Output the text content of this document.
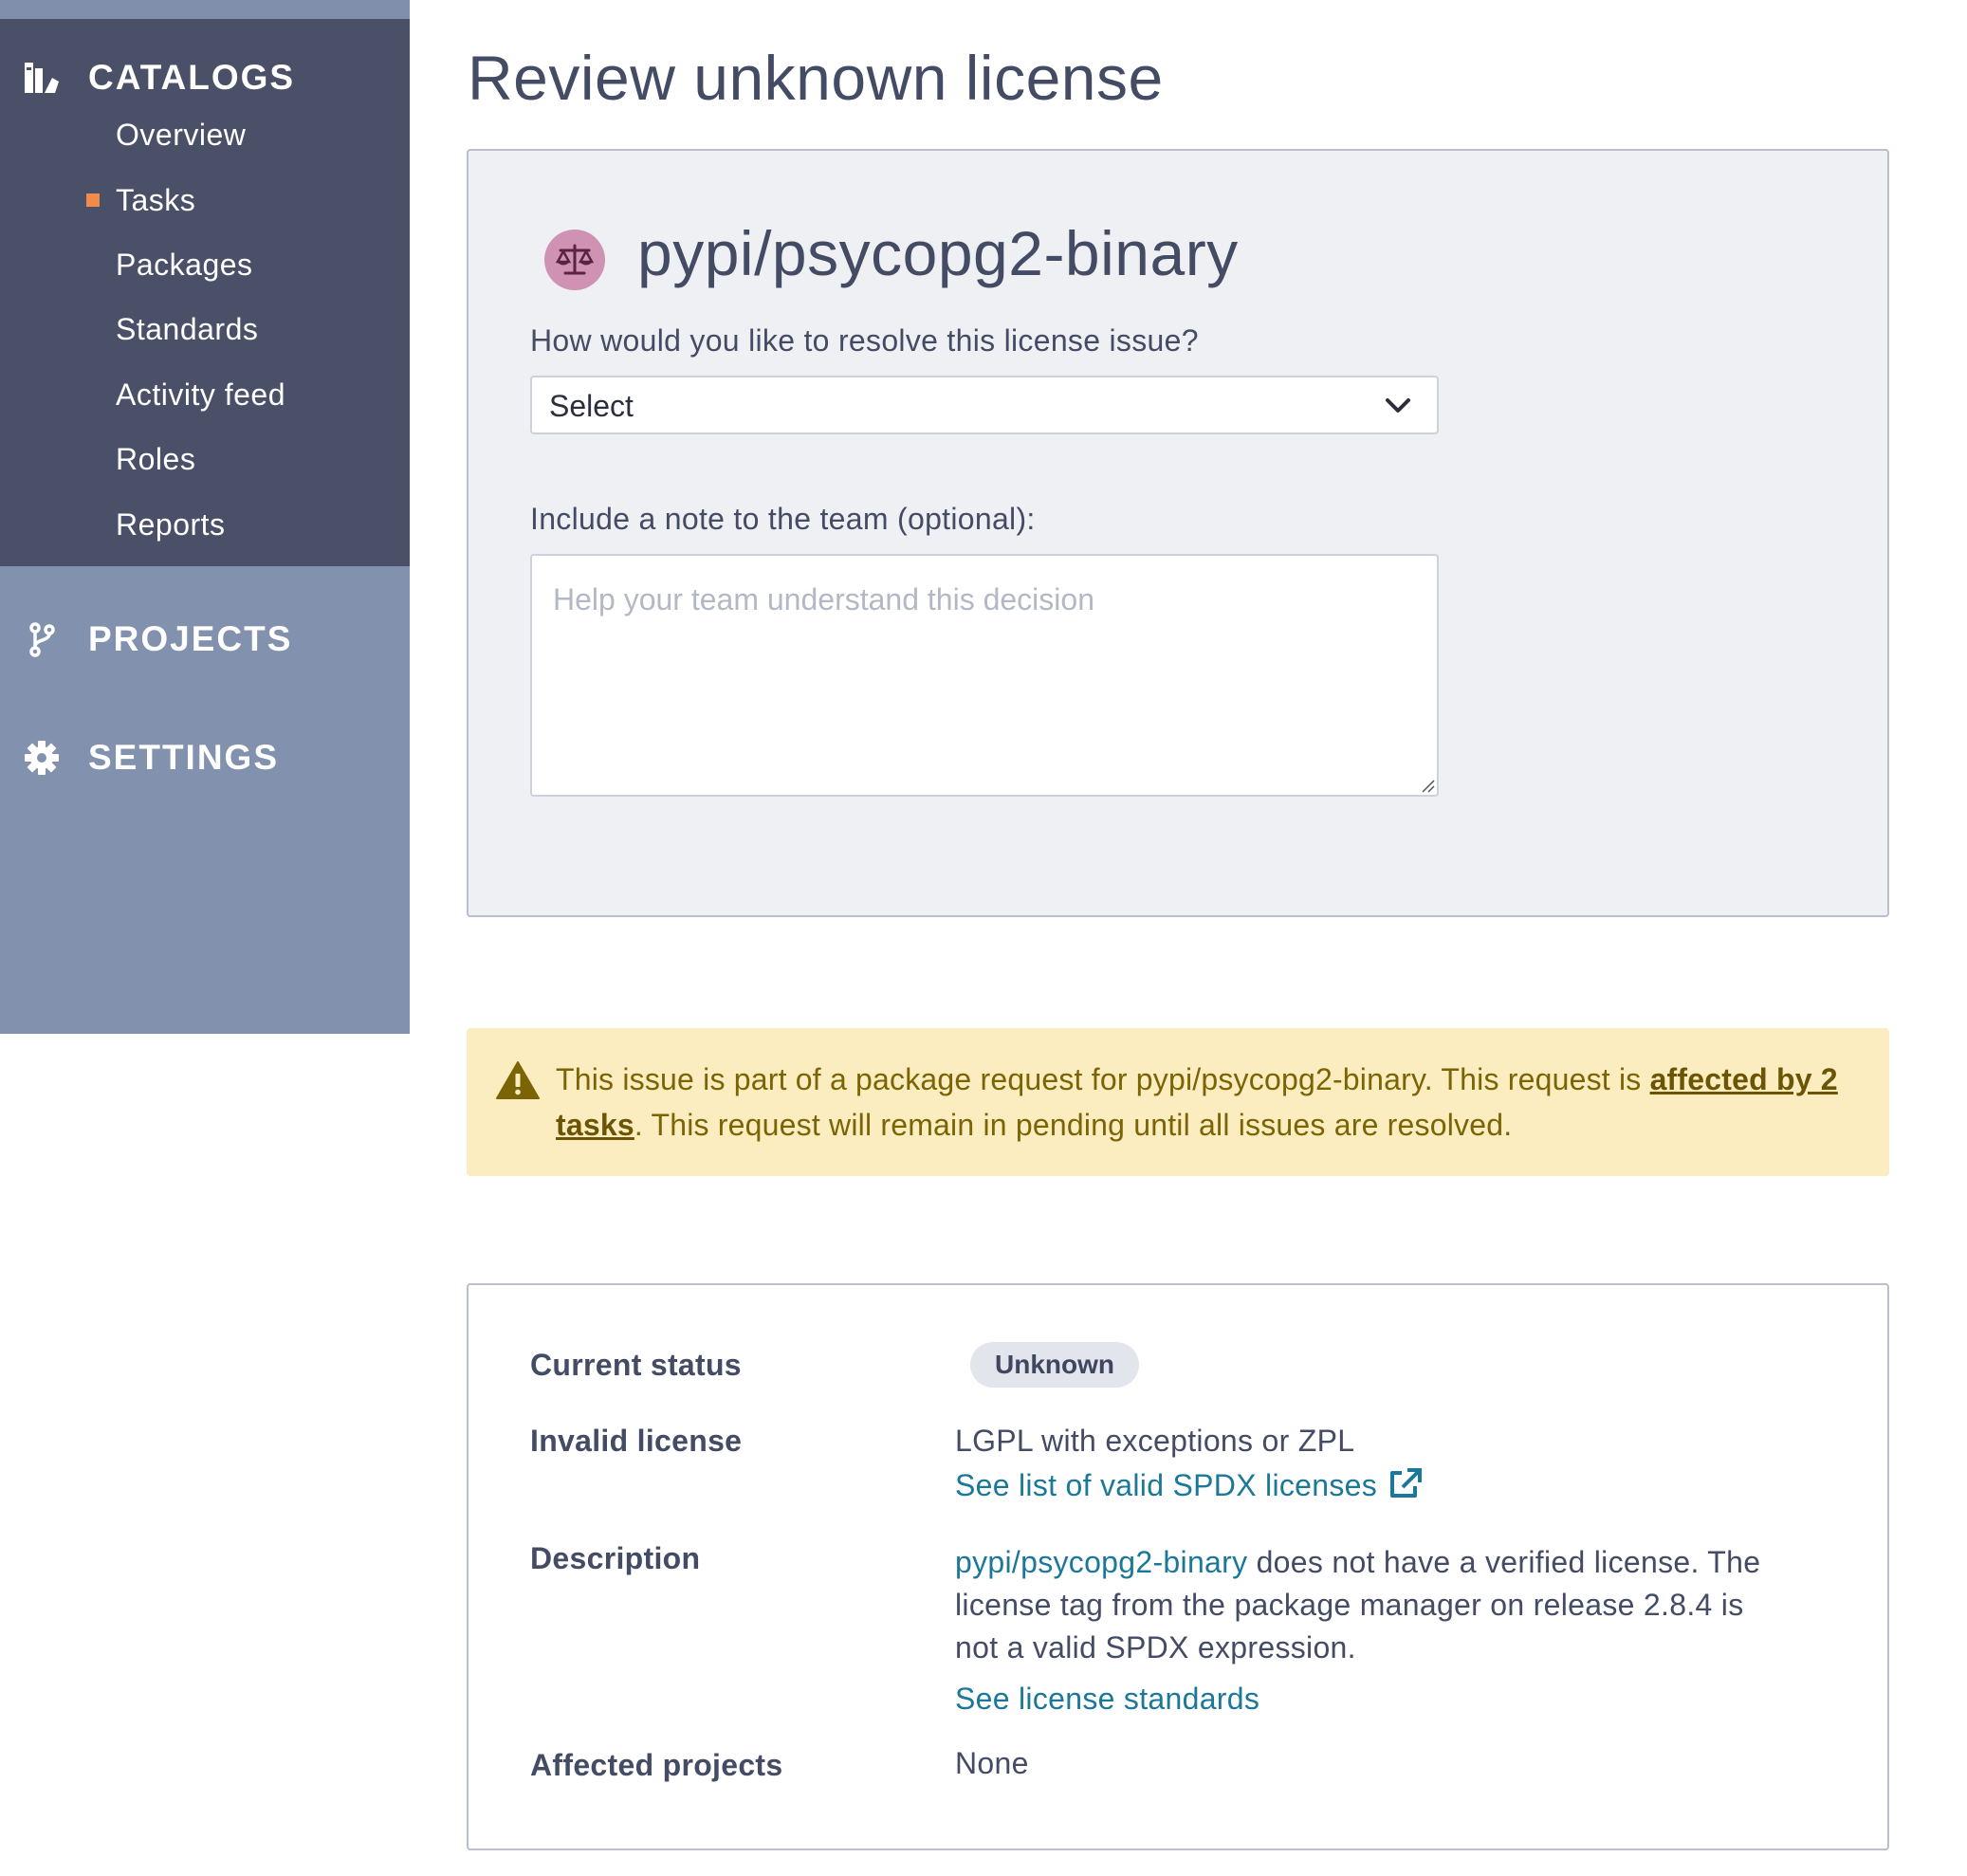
CATALOGS
Overview
Tasks
Packages
Standards
Activity feed
Roles
Reports
PROJECTS
SETTINGS
Review unknown license
pypi/psycopg2-binary
How would you like to resolve this license issue?
Select
Include a note to the team (optional):
Help your team understand this decision
This issue is part of a package request for pypi/psycopg2-binary. This request is affected by 2 tasks. This request will remain in pending until all issues are resolved.
Current status	Unknown
Invalid license	LGPL with exceptions or ZPL
See list of valid SPDX licenses
Description	pypi/psycopg2-binary does not have a verified license. The
license tag from the package manager on release 2.8.4 is
not a valid SPDX expression.
See license standards
Affected projects	None
